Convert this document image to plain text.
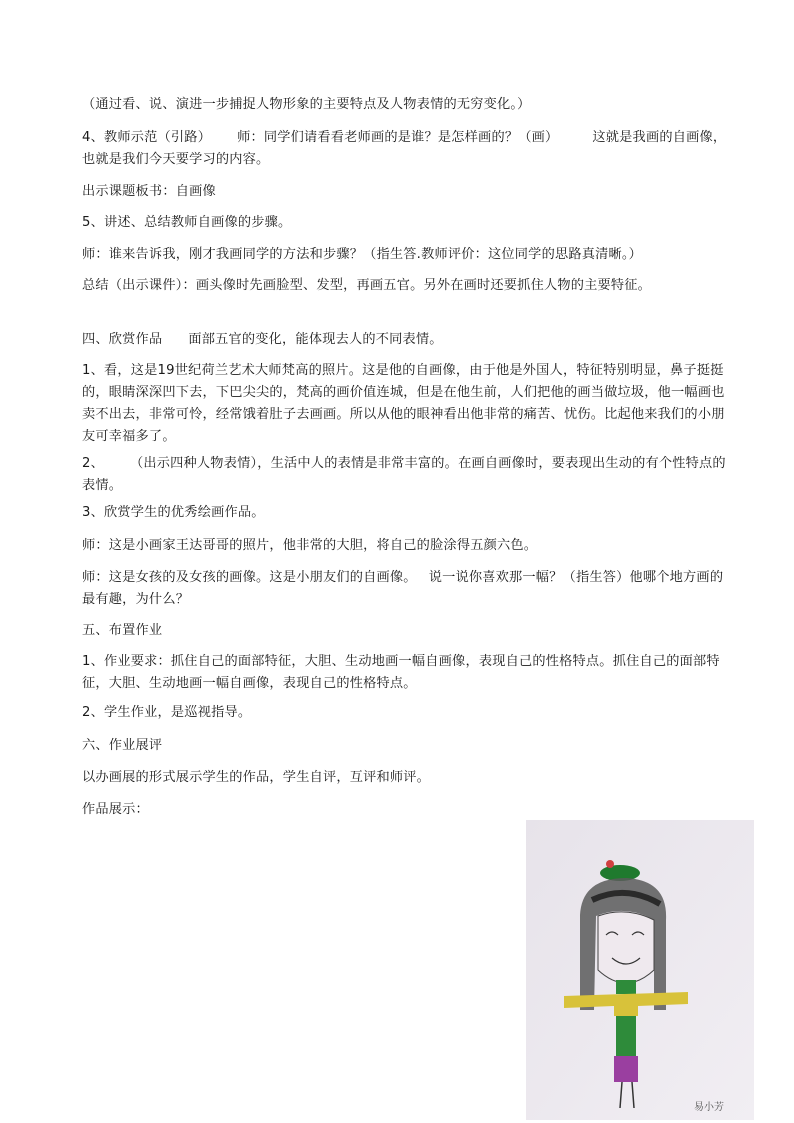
（通过看、说、演进一步捕捉人物形象的主要特点及人物表情的无穷变化。）

4、教师示范（引路） 师：同学们请看看老师画的是谁？是怎样画的？（画）	这就是我画的自画像，也就是我们今天要学习的内容。

出示课题板书：自画像

5、讲述、总结教师自画像的步骤。

师：谁来告诉我，刚才我画同学的方法和步骤？（指生答.教师评价：这位同学的思路真清晰。）

总结（出示课件）：画头像时先画脸型、发型，再画五官。另外在画时还要抓住人物的主要特征。

四、欣赏作品 面部五官的变化，能体现去人的不同表情。

1、看，这是19世纪荷兰艺术大师梵高的照片。这是他的自画像，由于他是外国人，特征特别明显，鼻子挺挺的，眼睛深深凹下去，下巴尖尖的，梵高的画价值连城，但是在他生前，人们把他的画当做垃圾，他一幅画也卖不出去，非常可怜，经常饿着肚子去画画。所以从他的眼神看出他非常的痛苦、忧伤。比起他来我们的小朋友可幸福多了。

2、 （出示四种人物表情），生活中人的表情是非常丰富的。在画自画像时，要表现出生动的有个性特点的表情。

3、欣赏学生的优秀绘画作品。

师：这是小画家王达哥哥的照片，他非常的大胆，将自己的脸涂得五颜六色。

师：这是女孩的及女孩的画像。这是小朋友们的自画像。 说一说你喜欢那一幅？（指生答）他哪个地方画的最有趣，为什么？

五、布置作业

1、作业要求：抓住自己的面部特征，大胆、生动地画一幅自画像，表现自己的性格特点。抓住自己的面部特征，大胆、生动地画一幅自画像，表现自己的性格特点。

2、学生作业，是巡视指导。

六、作业展评

以办画展的形式展示学生的作品，学生自评，互评和师评。

作品展示：

易小芳
